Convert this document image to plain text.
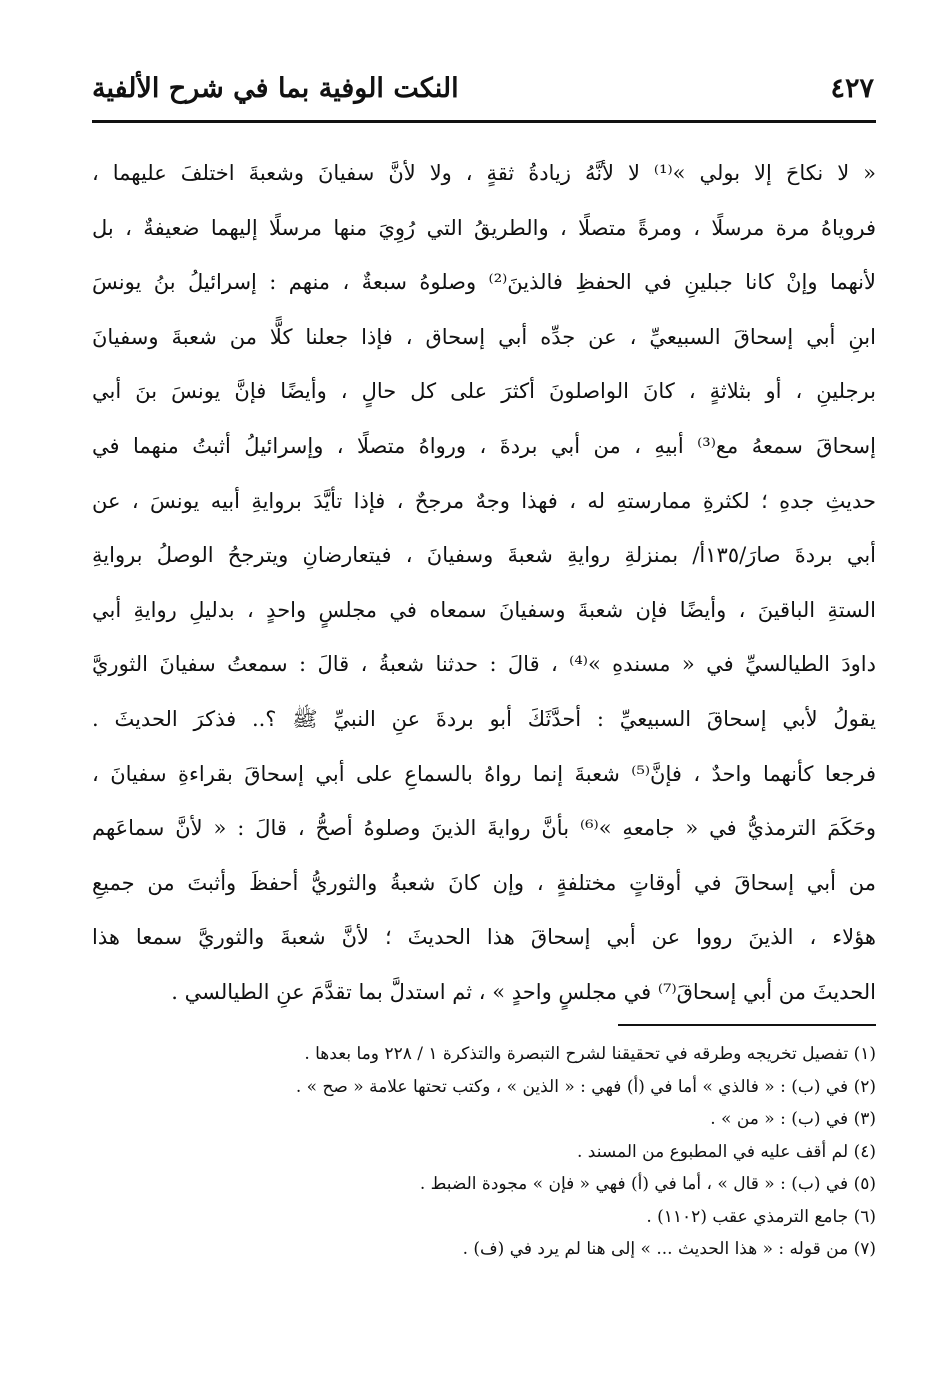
النكت الوفية بما في شرح الألفية	٤٢٧
« لا نكاحَ إلا بولي »⁽¹⁾ لا لأنَّهُ زيادةُ ثقةٍ ، ولا لأنَّ سفيانَ وشعبةَ اختلفَ عليهما ،
فروياهُ مرة مرسلًا ، ومرةً متصلًا ، والطريقُ التي رُوِيَ منها مرسلًا إليهما ضعيفةٌ ، بل
لأنهما وإنْ كانا جبلينِ في الحفظِ فالذينَ⁽²⁾ وصلوهُ سبعةٌ ، منهم : إسرائيلُ بنُ يونسَ
ابنِ أبي إسحاقَ السبيعيِّ ، عن جدِّه أبي إسحاق ، فإذا جعلنا كلًّا من شعبةَ وسفيانَ
برجلينِ ، أو بثلاثةٍ ، كانَ الواصلونَ أكثرَ على كل حالٍ ، وأيضًا فإنَّ يونسَ بنَ أبي
إسحاقَ سمعهُ مع⁽³⁾ أبيهِ ، من أبي بردةَ ، ورواهُ متصلًا ، وإسرائيلُ أثبتُ منهما في
حديثِ جدهِ ؛ لكثرةِ ممارستهِ له ، فهذا وجهٌ مرجحٌ ، فإذا تأيَّدَ بروايةِ أبيه يونسَ ، عن
أبي بردةَ صارَ/١٣٥أ/ بمنزلةِ روايةِ شعبةَ وسفيانَ ، فيتعارضانِ ويترجحُ الوصلُ بروايةِ
الستةِ الباقينَ ، وأيضًا فإن شعبةَ وسفيانَ سمعاه في مجلسٍ واحدٍ ، بدليلِ روايةِ أبي
داودَ الطيالسيِّ في « مسندهِ »⁽⁴⁾ ، قالَ : حدثنا شعبةُ ، قالَ : سمعتُ سفيانَ الثوريَّ
يقولُ لأبي إسحاقَ السبيعيِّ : أحدَّثَكَ أبو بردةَ عنِ النبيِّ ﷺ ؟.. فذكرَ الحديثَ .
فرجعا كأنهما واحدٌ ، فإنَّ⁽⁵⁾ شعبةَ إنما رواهُ بالسماعِ على أبي إسحاقَ بقراءةِ سفيانَ ،
وحَكَمَ الترمذيُّ في « جامعهِ »⁽⁶⁾ بأنَّ روايةَ الذينَ وصلوهُ أصحُّ ، قالَ : « لأنَّ سماعَهم
من أبي إسحاقَ في أوقاتٍ مختلفةٍ ، وإن كانَ شعبةُ والثوريُّ أحفظَ وأثبتَ من جميعِ
هؤلاء ، الذينَ رووا عن أبي إسحاقَ هذا الحديثَ ؛ لأنَّ شعبةَ والثوريَّ سمعا هذا
الحديثَ من أبي إسحاقَ⁽⁷⁾ في مجلسٍ واحدٍ » ، ثم استدلَّ بما تقدَّمَ عنِ الطيالسي .
(١) تفصيل تخريجه وطرقه في تحقيقنا لشرح التبصرة والتذكرة ١ / ٢٢٨ وما بعدها .
(٢) في (ب) : « فالذي » أما في (أ) فهي : « الذين » ، وكتب تحتها علامة « صح » .
(٣) في (ب) : « من » .
(٤) لم أقف عليه في المطبوع من المسند .
(٥) في (ب) : « قال » ، أما في (أ) فهي « فإن » مجودة الضبط .
(٦) جامع الترمذي عقب (١١٠٢) .
(٧) من قوله : « هذا الحديث ... » إلى هنا لم يرد في (ف) .
